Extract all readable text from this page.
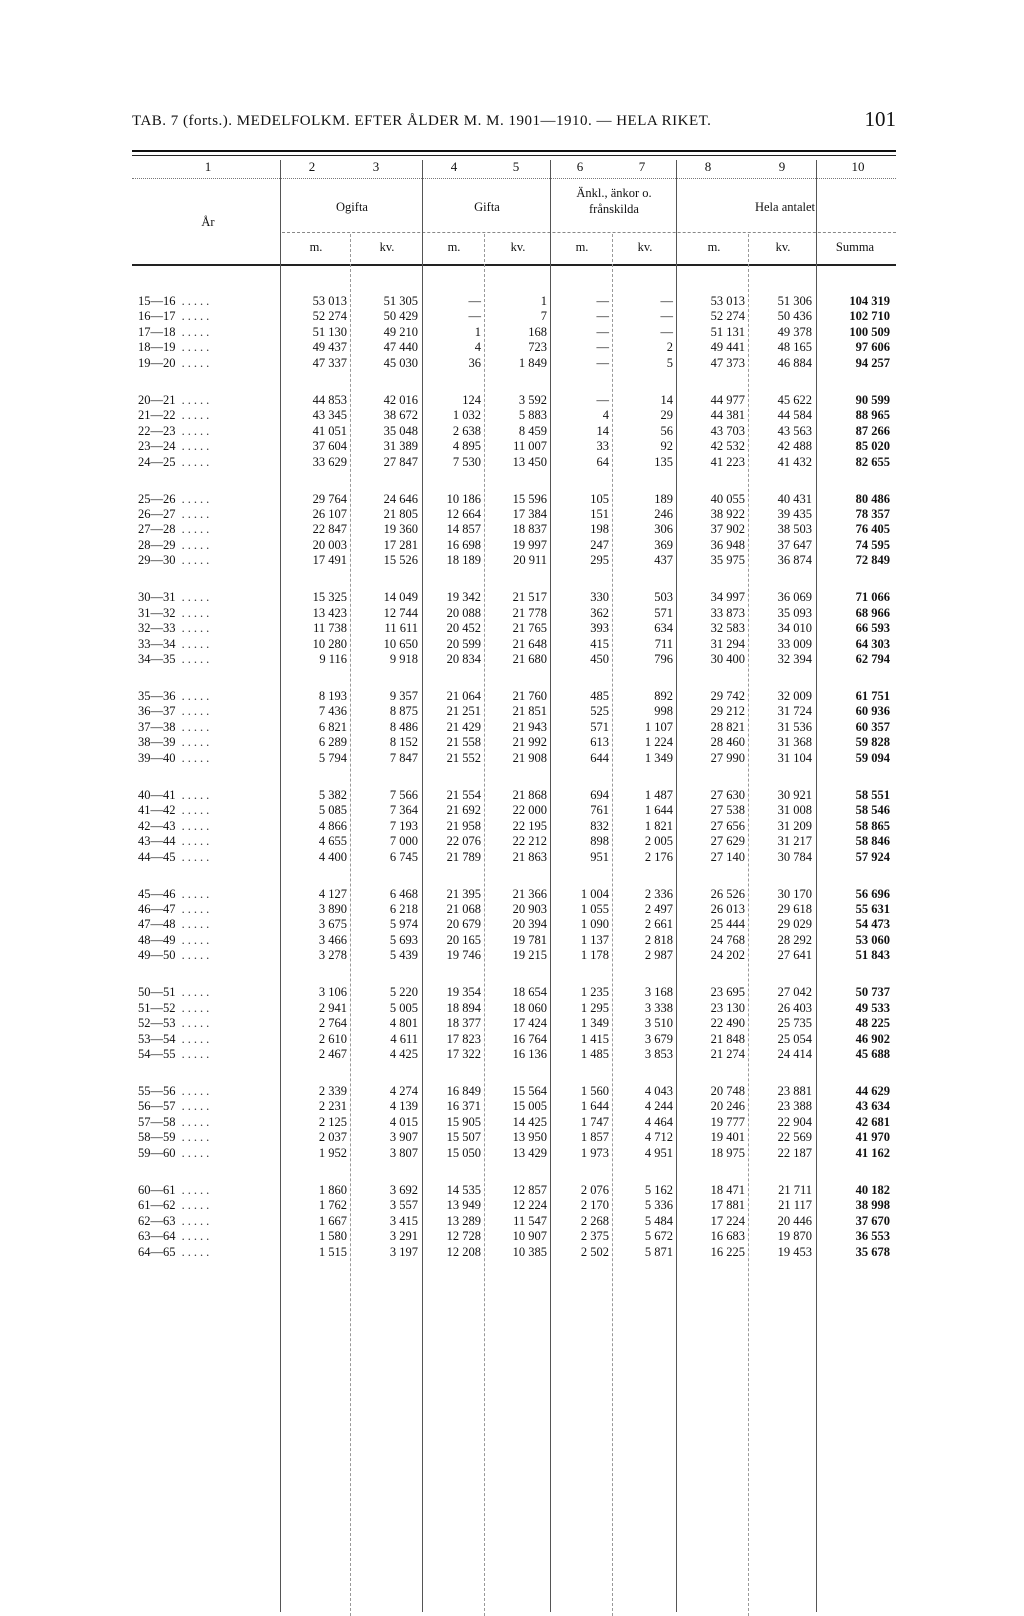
TAB. 7 (forts.). MEDELFOLKM. EFTER ÅLDER M. M. 1901—1910. — HELA RIKET.	101
1	2	3	4	5	6	7	8	9	10
År
Ogifta	Gifta
Änkl., änkor o. frånskilda	Hela antalet
m.	kv.	m.	kv.	m.	kv.	m.	kv.	Summa
15—16 .....	53 013	51 305	—	1	—	—	53 013	51 306	104 319
16—17 .....	52 274	50 429	—	7	—	—	52 274	50 436	102 710
17—18 .....	51 130	49 210	1	168	—	—	51 131	49 378	100 509
18—19 .....	49 437	47 440	4	723	—	2	49 441	48 165	97 606
19—20 .....	47 337	45 030	36	1 849	—	5	47 373	46 884	94 257
20—21 .....	44 853	42 016	124	3 592	—	14	44 977	45 622	90 599
21—22 .....	43 345	38 672	1 032	5 883	4	29	44 381	44 584	88 965
22—23 .....	41 051	35 048	2 638	8 459	14	56	43 703	43 563	87 266
23—24 .....	37 604	31 389	4 895	11 007	33	92	42 532	42 488	85 020
24—25 .....	33 629	27 847	7 530	13 450	64	135	41 223	41 432	82 655
25—26 .....	29 764	24 646	10 186	15 596	105	189	40 055	40 431	80 486
26—27 .....	26 107	21 805	12 664	17 384	151	246	38 922	39 435	78 357
27—28 .....	22 847	19 360	14 857	18 837	198	306	37 902	38 503	76 405
28—29 .....	20 003	17 281	16 698	19 997	247	369	36 948	37 647	74 595
29—30 .....	17 491	15 526	18 189	20 911	295	437	35 975	36 874	72 849
30—31 .....	15 325	14 049	19 342	21 517	330	503	34 997	36 069	71 066
31—32 .....	13 423	12 744	20 088	21 778	362	571	33 873	35 093	68 966
32—33 .....	11 738	11 611	20 452	21 765	393	634	32 583	34 010	66 593
33—34 .....	10 280	10 650	20 599	21 648	415	711	31 294	33 009	64 303
34—35 .....	9 116	9 918	20 834	21 680	450	796	30 400	32 394	62 794
35—36 .....	8 193	9 357	21 064	21 760	485	892	29 742	32 009	61 751
36—37 .....	7 436	8 875	21 251	21 851	525	998	29 212	31 724	60 936
37—38 .....	6 821	8 486	21 429	21 943	571	1 107	28 821	31 536	60 357
38—39 .....	6 289	8 152	21 558	21 992	613	1 224	28 460	31 368	59 828
39—40 .....	5 794	7 847	21 552	21 908	644	1 349	27 990	31 104	59 094
40—41 .....	5 382	7 566	21 554	21 868	694	1 487	27 630	30 921	58 551
41—42 .....	5 085	7 364	21 692	22 000	761	1 644	27 538	31 008	58 546
42—43 .....	4 866	7 193	21 958	22 195	832	1 821	27 656	31 209	58 865
43—44 .....	4 655	7 000	22 076	22 212	898	2 005	27 629	31 217	58 846
44—45 .....	4 400	6 745	21 789	21 863	951	2 176	27 140	30 784	57 924
45—46 .....	4 127	6 468	21 395	21 366	1 004	2 336	26 526	30 170	56 696
46—47 .....	3 890	6 218	21 068	20 903	1 055	2 497	26 013	29 618	55 631
47—48 .....	3 675	5 974	20 679	20 394	1 090	2 661	25 444	29 029	54 473
48—49 .....	3 466	5 693	20 165	19 781	1 137	2 818	24 768	28 292	53 060
49—50 .....	3 278	5 439	19 746	19 215	1 178	2 987	24 202	27 641	51 843
50—51 .....	3 106	5 220	19 354	18 654	1 235	3 168	23 695	27 042	50 737
51—52 .....	2 941	5 005	18 894	18 060	1 295	3 338	23 130	26 403	49 533
52—53 .....	2 764	4 801	18 377	17 424	1 349	3 510	22 490	25 735	48 225
53—54 .....	2 610	4 611	17 823	16 764	1 415	3 679	21 848	25 054	46 902
54—55 .....	2 467	4 425	17 322	16 136	1 485	3 853	21 274	24 414	45 688
55—56 .....	2 339	4 274	16 849	15 564	1 560	4 043	20 748	23 881	44 629
56—57 .....	2 231	4 139	16 371	15 005	1 644	4 244	20 246	23 388	43 634
57—58 .....	2 125	4 015	15 905	14 425	1 747	4 464	19 777	22 904	42 681
58—59 .....	2 037	3 907	15 507	13 950	1 857	4 712	19 401	22 569	41 970
59—60 .....	1 952	3 807	15 050	13 429	1 973	4 951	18 975	22 187	41 162
60—61 .....	1 860	3 692	14 535	12 857	2 076	5 162	18 471	21 711	40 182
61—62 .....	1 762	3 557	13 949	12 224	2 170	5 336	17 881	21 117	38 998
62—63 .....	1 667	3 415	13 289	11 547	2 268	5 484	17 224	20 446	37 670
63—64 .....	1 580	3 291	12 728	10 907	2 375	5 672	16 683	19 870	36 553
64—65 .....	1 515	3 197	12 208	10 385	2 502	5 871	16 225	19 453	35 678
